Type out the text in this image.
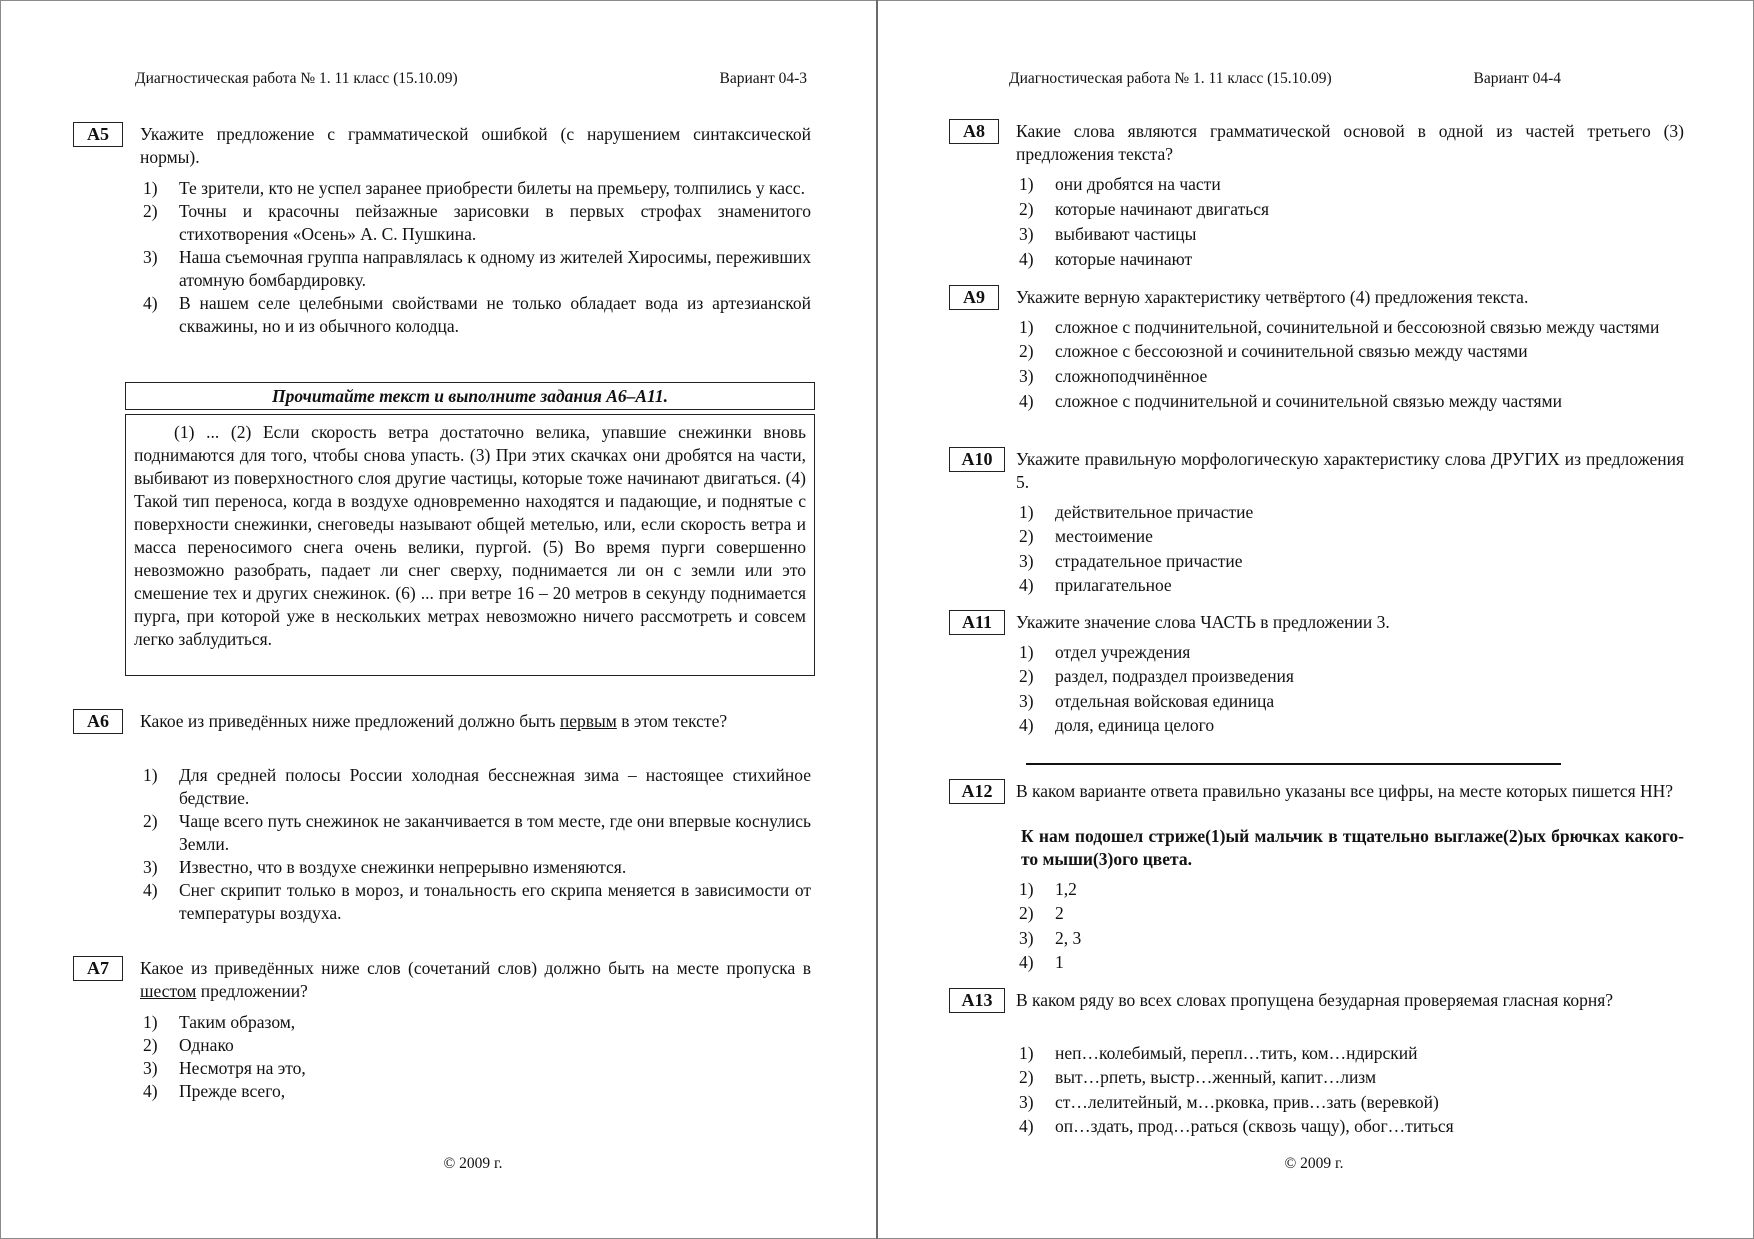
Диагностическая работа № 1. 11 класс (15.10.09)	Вариант 04-3
А5	Укажите предложение с грамматической ошибкой (с нарушением синтаксической нормы).
1) Те зрители, кто не успел заранее приобрести билеты на премьеру, толпились у касс.
2) Точны и красочны пейзажные зарисовки в первых строфах знаменитого стихотворения «Осень» А. С. Пушкина.
3) Наша съемочная группа направлялась к одному из жителей Хиросимы, переживших атомную бомбардировку.
4) В нашем селе целебными свойствами не только обладает вода из артезианской скважины, но и из обычного колодца.
Прочитайте текст и выполните задания А6–А11.
(1) ... (2) Если скорость ветра достаточно велика, упавшие снежинки вновь поднимаются для того, чтобы снова упасть. (3) При этих скачках они дробятся на части, выбивают из поверхностного слоя другие частицы, которые тоже начинают двигаться. (4) Такой тип переноса, когда в воздухе одновременно находятся и падающие, и поднятые с поверхности снежинки, снеговеды называют общей метелью, или, если скорость ветра и масса переносимого снега очень велики, пургой. (5) Во время пурги совершенно невозможно разобрать, падает ли снег сверху, поднимается ли он с земли или это смешение тех и других снежинок. (6) ... при ветре 16 – 20 метров в секунду поднимается пурга, при которой уже в нескольких метрах невозможно ничего рассмотреть и совсем легко заблудиться.
А6	Какое из приведённых ниже предложений должно быть первым в этом тексте?
1) Для средней полосы России холодная бесснежная зима – настоящее стихийное бедствие.
2) Чаще всего путь снежинок не заканчивается в том месте, где они впервые коснулись Земли.
3) Известно, что в воздухе снежинки непрерывно изменяются.
4) Снег скрипит только в мороз, и тональность его скрипа меняется в зависимости от температуры воздуха.
А7	Какое из приведённых ниже слов (сочетаний слов) должно быть на месте пропуска в шестом предложении?
1) Таким образом,
2) Однако
3) Несмотря на это,
4) Прежде всего,
© 2009 г.
Диагностическая работа № 1. 11 класс (15.10.09)	Вариант 04-4
А8	Какие слова являются грамматической основой в одной из частей третьего (3) предложения текста?
1) они дробятся на части
2) которые начинают двигаться
3) выбивают частицы
4) которые начинают
А9	Укажите верную характеристику четвёртого (4) предложения текста.
1) сложное с подчинительной, сочинительной и бессоюзной связью между частями
2) сложное с бессоюзной и сочинительной связью между частями
3) сложноподчинённое
4) сложное с подчинительной и сочинительной связью между частями
А10	Укажите правильную морфологическую характеристику слова ДРУГИХ из предложения 5.
1) действительное причастие
2) местоимение
3) страдательное причастие
4) прилагательное
А11	Укажите значение слова ЧАСТЬ в предложении 3.
1) отдел учреждения
2) раздел, подраздел произведения
3) отдельная войсковая единица
4) доля, единица целого
А12	В каком варианте ответа правильно указаны все цифры, на месте которых пишется НН?
К нам подошел стриже(1)ый мальчик в тщательно выглаже(2)ых брючках какого-то мыши(3)ого цвета.
1) 1,2
2) 2
3) 2, 3
4) 1
А13	В каком ряду во всех словах пропущена безударная проверяемая гласная корня?
1) неп…колебимый, перепл…тить, ком…ндирский
2) выт…рпеть, выстр…женный, капит…лизм
3) ст…лелитейный, м…рковка, прив…зать (веревкой)
4) оп…здать, прод…раться (сквозь чащу), обог…титься
© 2009 г.
